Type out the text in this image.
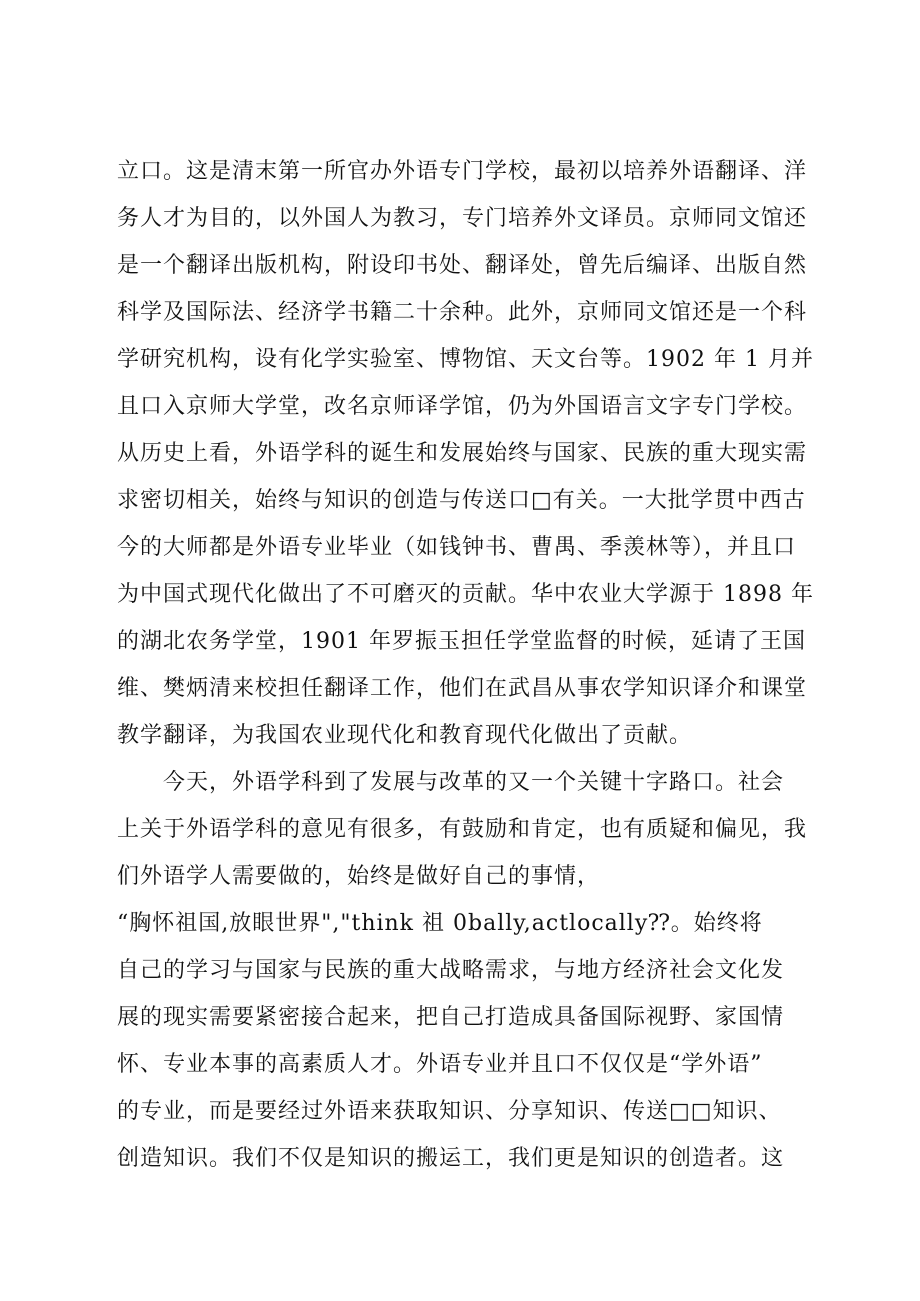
立口。这是清末第一所官办外语专门学校，最初以培养外语翻译、洋
务人才为目的，以外国人为教习，专门培养外文译员。京师同文馆还
是一个翻译出版机构，附设印书处、翻译处，曾先后编译、出版自然
科学及国际法、经济学书籍二十余种。此外，京师同文馆还是一个科
学研究机构，设有化学实验室、博物馆、天文台等。1902 年 1 月并
且口入京师大学堂，改名京师译学馆，仍为外国语言文字专门学校。
从历史上看，外语学科的诞生和发展始终与国家、民族的重大现实需
求密切相关，始终与知识的创造与传送口□有关。一大批学贯中西古
今的大师都是外语专业毕业（如钱钟书、曹禺、季羡林等），并且口
为中国式现代化做出了不可磨灭的贡献。华中农业大学源于 1898 年
的湖北农务学堂，1901 年罗振玉担任学堂监督的时候，延请了王国
维、樊炳清来校担任翻译工作，他们在武昌从事农学知识译介和课堂
教学翻译，为我国农业现代化和教育现代化做出了贡献。
　　今天，外语学科到了发展与改革的又一个关键十字路口。社会
上关于外语学科的意见有很多，有鼓励和肯定，也有质疑和偏见，我
们外语学人需要做的，始终是做好自己的事情，
“胸怀祖国,放眼世界","think 祖 0bally,actlocally⁇。始终将
自己的学习与国家与民族的重大战略需求，与地方经济社会文化发
展的现实需要紧密接合起来，把自己打造成具备国际视野、家国情
怀、专业本事的高素质人才。外语专业并且口不仅仅是“学外语”
的专业，而是要经过外语来获取知识、分享知识、传送□□知识、
创造知识。我们不仅是知识的搬运工，我们更是知识的创造者。这
